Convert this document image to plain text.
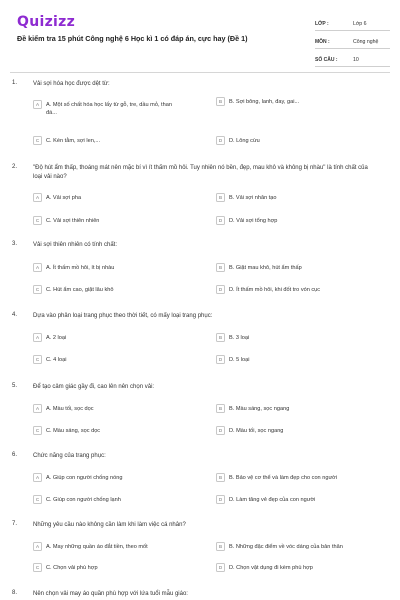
Quizizz
Đề kiểm tra 15 phút Công nghệ 6 Học kì 1 có đáp án, cực hay (Đề 1)
LỚP :	Lớp 6
MÔN :	Công nghệ
SỐ CÂU :	10
1.	Vải sợi hóa học được dệt từ:
A	A. Một số chất hóa học lấy từ gỗ, tre, dầu mỏ, than đá...
B	B. Sợi bông, lanh, đay, gai...
C	C. Kén tằm, sợi len,...	D	D. Lông cừu
2.	"Độ hút ẩm thấp, thoáng mát nên mặc bí vì ít thấm mồ hôi. Tuy nhiên nó bền, đẹp, mau khô và không bị nhàu" là tính chất của loại vải nào?
A	A. Vải sợi pha	B	B. Vải sợi nhân tạo
C	C. Vải sợi thiên nhiên	D	D. Vải sợi tổng hợp
3.	Vải sợi thiên nhiên có tính chất:
A	A. Ít thấm mồ hôi, ít bị nhàu	B	B. Giặt mau khô, hút ẩm thấp
C	C. Hút ẩm cao, giặt lâu khô	D	D. Ít thấm mồ hôi, khi đốt tro vón cục
4.	Dựa vào phân loại trang phục theo thời tiết, có mấy loại trang phục:
A	A. 2 loại	B	B. 3 loại
C	C. 4 loại	D	D. 5 loại
5.	Để tạo cảm giác gầy đi, cao lên nên chọn vải:
A	A. Màu tối, sọc dọc	B	B. Màu sáng, sọc ngang
C	C. Màu sáng, sọc dọc	D	D. Màu tối, sọc ngang
6.	Chức năng của trang phục:
A	A. Giúp con người chống nóng	B	B. Bảo vệ cơ thể và làm đẹp cho con người
C	C. Giúp con người chống lạnh	D	D. Làm tăng vẻ đẹp của con người
7.	Những yêu cầu nào không cần làm khi làm việc cá nhân?
A	A. May những quần áo đắt tiền, theo mốt	B	B. Những đặc điểm về vóc dáng của bản thân
C	C. Chọn vải phù hợp	D	D. Chọn vật dụng đi kèm phù hợp
8.	Nên chọn vải may áo quần phù hợp với lứa tuổi mẫu giáo:
